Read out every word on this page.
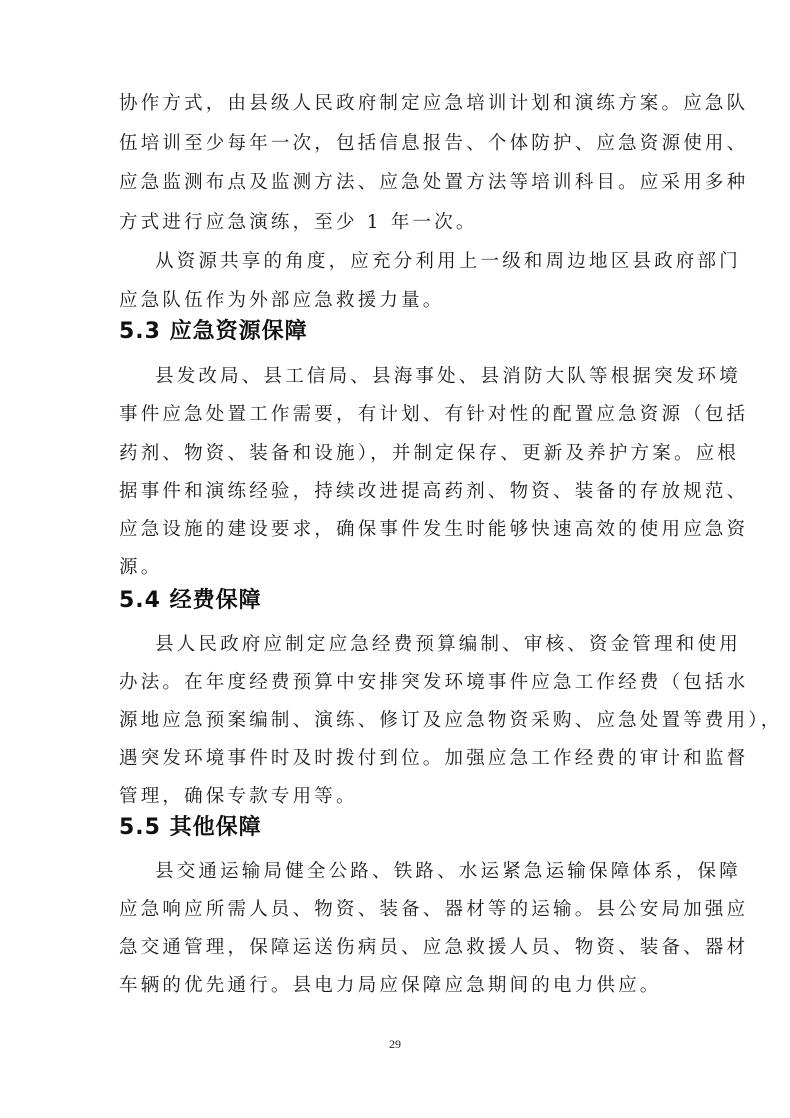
协作方式，由县级人民政府制定应急培训计划和演练方案。应急队
伍培训至少每年一次，包括信息报告、个体防护、应急资源使用、
应急监测布点及监测方法、应急处置方法等培训科目。应采用多种
方式进行应急演练，至少 1 年一次。
从资源共享的角度，应充分利用上一级和周边地区县政府部门
应急队伍作为外部应急救援力量。
5.3 应急资源保障
县发改局、县工信局、县海事处、县消防大队等根据突发环境
事件应急处置工作需要，有计划、有针对性的配置应急资源（包括
药剂、物资、装备和设施），并制定保存、更新及养护方案。应根
据事件和演练经验，持续改进提高药剂、物资、装备的存放规范、
应急设施的建设要求，确保事件发生时能够快速高效的使用应急资
源。
5.4 经费保障
县人民政府应制定应急经费预算编制、审核、资金管理和使用
办法。在年度经费预算中安排突发环境事件应急工作经费（包括水
源地应急预案编制、演练、修订及应急物资采购、应急处置等费用），
遇突发环境事件时及时拨付到位。加强应急工作经费的审计和监督
管理，确保专款专用等。
5.5 其他保障
县交通运输局健全公路、铁路、水运紧急运输保障体系，保障
应急响应所需人员、物资、装备、器材等的运输。县公安局加强应
急交通管理，保障运送伤病员、应急救援人员、物资、装备、器材
车辆的优先通行。县电力局应保障应急期间的电力供应。
29
